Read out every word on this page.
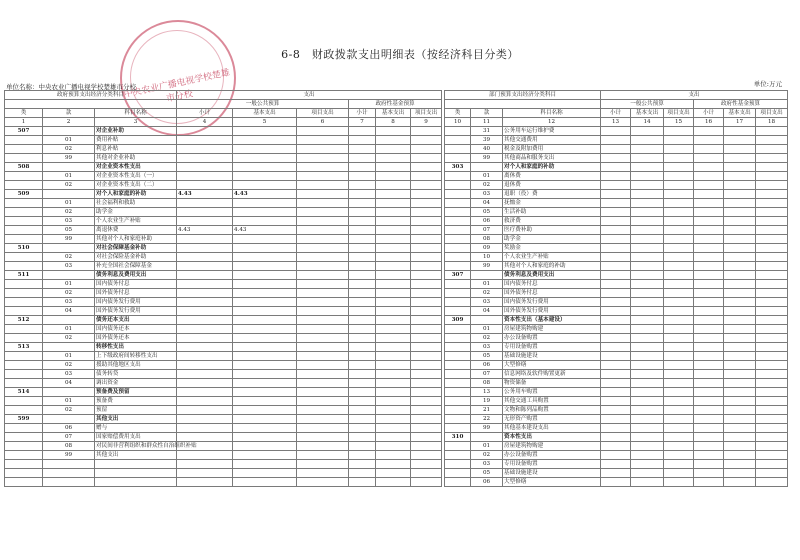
中央农业广播电视学校楚雄市分校
6-8　财政拨款支出明细表（按经济科目分类）
单位名称：中央农业广播电视学校楚雄市分校	单位:万元
政府预算支出经济分类科目			支出					
			一般公共预算			政府性基金预算		
类	款	科目名称	小计	基本支出	项目支出	小计	基本支出	项目支出
1	2	3	4	5	6	7	8	9
507		对企业补助						
	01	费用补贴						
	02	利息补贴						
	99	其他对企业补助						
508		对企业资本性支出						
	01	对企业资本性支出（一）						
	02	对企业资本性支出（二）						
509		对个人和家庭的补助	4.43	4.43				
	01	社会福利和救助						
	02	助学金						
	03	个人农业生产补贴						
	05	离退休费	4.43	4.43				
	99	其他对个人和家庭补助						
510		对社会保障基金补助						
	02	对社会保险基金补助						
	03	补充全国社会保障基金						
511		债务利息及费用支出						
	01	国内债务付息						
	02	国外债务付息						
	03	国内债务发行费用						
	04	国外债务发行费用						
512		债务还本支出						
	01	国内债务还本						
	02	国外债务还本						
513		转移性支出						
	01	上下级政府间转移性支出						
	02	援助其他地区支出						
	03	债务转贷						
	04	调出资金						
514		预备费及预留						
	01	预备费						
	02	预留						
599		其他支出						
	06	赠与						
	07	国家赔偿费用支出						
	08	对民间非营利组织和群众性自治组织补贴						
	99	其他支出						

部门预算支出经济分类科目			支出					
			一般公共预算			政府性基金预算		
类	款	科目名称	小计	基本支出	项目支出	小计	基本支出	项目支出
10	11	12	13	14	15	16	17	18
	31	公务用车运行维护费						
	39	其他交通费用						
	40	税金及附加费用						
	99	其他商品和服务支出						
303		对个人和家庭的补助						
	01	离休费						
	02	退休费						
	03	退职（役）费						
	04	抚恤金						
	05	生活补助						
	06	救济费						
	07	医疗费补助						
	08	助学金						
	09	奖励金						
	10	个人农业生产补贴						
	99	其他对个人和家庭的补助						
307		债务利息及费用支出						
	01	国内债务付息						
	02	国外债务付息						
	03	国内债务发行费用						
	04	国外债务发行费用						
309		资本性支出（基本建设）						
	01	房屋建筑物购建						
	02	办公设备购置						
	03	专用设备购置						
	05	基础设施建设						
	06	大型修缮						
	07	信息网络及软件购置更新						
	08	物资储备						
	13	公务用车购置						
	19	其他交通工具购置						
	21	文物和陈列品购置						
	22	无形资产购置						
	99	其他基本建设支出						
310		资本性支出						
	01	房屋建筑物购建						
	02	办公设备购置						
	03	专用设备购置						
	05	基础设施建设						
	06	大型修缮						
